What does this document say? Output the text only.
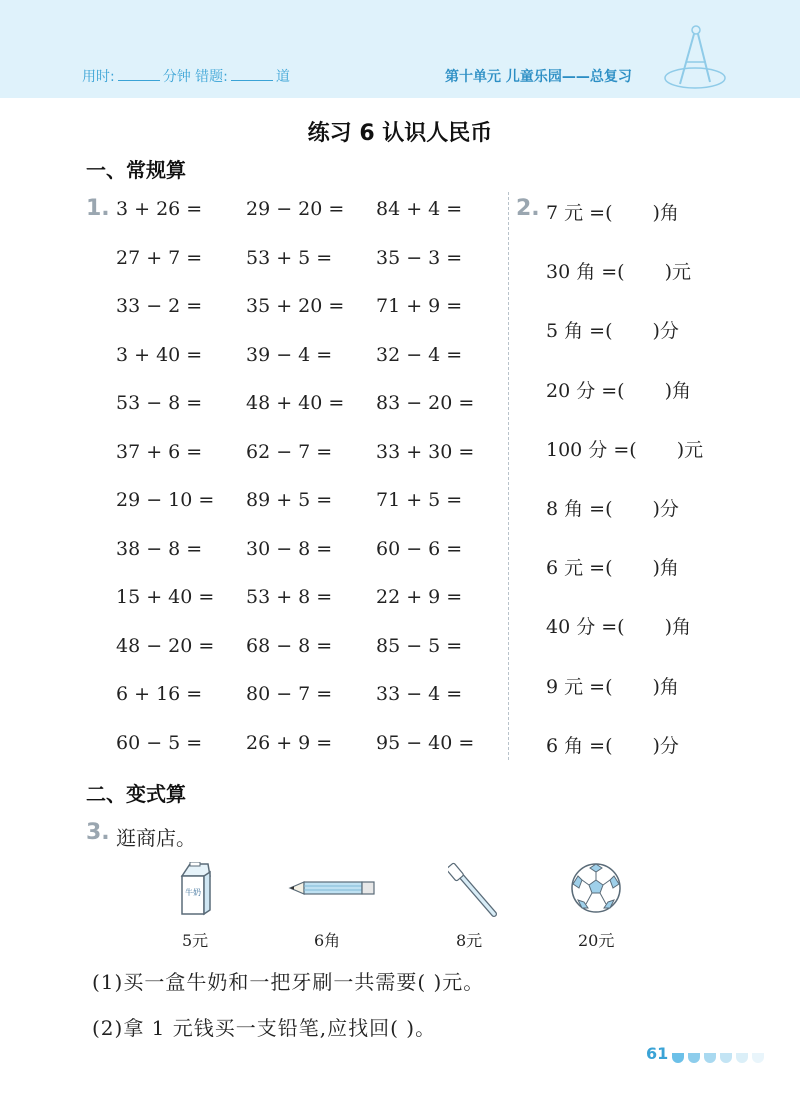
用时:	分钟 错题:	道	第十单元 儿童乐园——总复习
练习 6 认识人民币
一、常规算
1. 3 + 26 = 29 − 20 = 84 + 4 =
27 + 7 = 53 + 5 = 35 − 3 =
33 − 2 = 35 + 20 = 71 + 9 =
3 + 40 = 39 − 4 = 32 − 4 =
53 − 8 = 48 + 40 = 83 − 20 =
37 + 6 = 62 − 7 = 33 + 30 =
29 − 10 = 89 + 5 = 71 + 5 =
38 − 8 = 30 − 8 = 60 − 6 =
15 + 40 = 53 + 8 = 22 + 9 =
48 − 20 = 68 − 8 = 85 − 5 =
6 + 16 = 80 − 7 = 33 − 4 =
60 − 5 = 26 + 9 = 95 − 40 =
2. 7 元 =( )角
30 角 =( )元
5 角 =( )分
20 分 =( )角
100 分 =( )元
8 角 =( )分
6 元 =( )角
40 分 =( )角
9 元 =( )角
6 角 =( )分
二、变式算
3. 逛商店。
牛奶
5元	6角	8元	20元
(1)买一盒牛奶和一把牙刷一共需要( )元。
(2)拿 1 元钱买一支铅笔,应找回( )。
61
